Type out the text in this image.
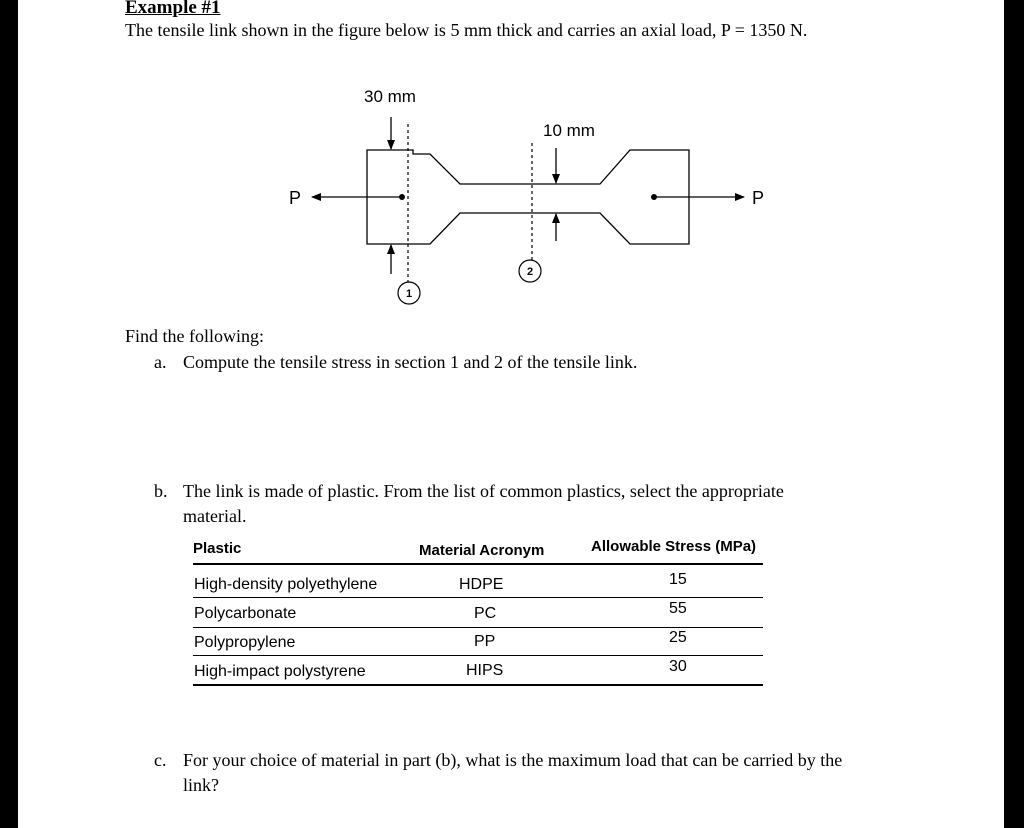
Example #1
The tensile link shown in the figure below is 5 mm thick and carries an axial load, P = 1350 N.
30 mm
10 mm
P	P
1
2
Find the following:
a. Compute the tensile stress in section 1 and 2 of the tensile link.
b. The link is made of plastic. From the list of common plastics, select the appropriate
material.
Plastic	Material Acronym	Allowable Stress (MPa)
High-density polyethylene	HDPE	15
Polycarbonate	PC	55
Polypropylene	PP	25
High-impact polystyrene	HIPS	30
c. For your choice of material in part (b), what is the maximum load that can be carried by the
link?
